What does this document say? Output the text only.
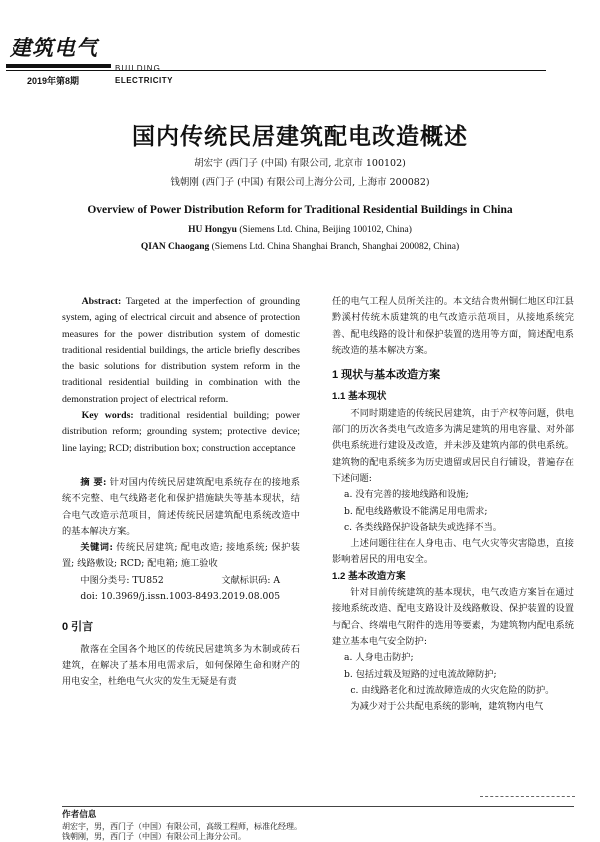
建筑电气
2019年第8期
BUILDING
ELECTRICITY
国内传统民居建筑配电改造概述
胡宏宇 (西门子 (中国) 有限公司, 北京市 100102)
钱朝刚 (西门子 (中国) 有限公司上海分公司, 上海市 200082)
Overview of Power Distribution Reform for Traditional Residential Buildings in China
HU Hongyu (Siemens Ltd. China, Beijing 100102, China)
QIAN Chaogang (Siemens Ltd. China Shanghai Branch, Shanghai 200082, China)

Abstract: Targeted at the imperfection of grounding system, aging of electrical circuit and absence of protection measures for the power distribution system of domestic traditional residential buildings, the article briefly describes the basic solutions for distribution system reform in the traditional residential building in combination with the demonstration project of electrical reform.

Key words: traditional residential building; power distribution reform; grounding system; protective device; line laying; RCD; distribution box; construction acceptance

摘 要: 针对国内传统民居建筑配电系统存在的接地系统不完整、电气线路老化和保护措施缺失等基本现状，结合电气改造示范项目，简述传统民居建筑配电系统改造中的基本解决方案。

关键词: 传统民居建筑; 配电改造; 接地系统; 保护装置; 线路敷设; RCD; 配电箱; 施工验收

中图分类号: TU852	文献标识码: A

doi: 10.3969/j.issn.1003-8493.2019.08.005

0 引言

散落在全国各个地区的传统民居建筑多为木制或砖石建筑，在解决了基本用电需求后，如何保障生命和财产的用电安全，杜绝电气火灾的发生无疑是有责

任的电气工程人员所关注的。本文结合贵州铜仁地区印江县黔溪村传统木质建筑的电气改造示范项目，从接地系统完善、配电线路的设计和保护装置的选用等方面，简述配电系统改造的基本解决方案。

1 现状与基本改造方案

1.1 基本现状

不同时期建造的传统民居建筑，由于产权等问题，供电部门的历次各类电气改造多为满足建筑的用电容量、对外部供电系统进行建设及改造，并未涉及建筑内部的供电系统。建筑物的配电系统多为历史遗留或居民自行铺设，普遍存在下述问题:

a. 没有完善的接地线路和设施;

b. 配电线路敷设不能满足用电需求;

c. 各类线路保护设备缺失或选择不当。

上述问题往往在人身电击、电气火灾等灾害隐患，直接影响着居民的用电安全。

1.2 基本改造方案

针对目前传统建筑的基本现状，电气改造方案旨在通过接地系统改造、配电支路设计及线路敷设、保护装置的设置与配合、终端电气附件的选用等要素，为建筑物内配电系统建立基本电气安全防护:

a. 人身电击防护;

b. 包括过载及短路的过电流故障防护;

c. 由线路老化和过流故障造成的火灾危险的防护。

为减少对于公共配电系统的影响，建筑物内电气

作者信息
胡宏宇，男，西门子（中国）有限公司，高级工程师，标准化经理。
钱朝刚，男，西门子（中国）有限公司上海分公司。
